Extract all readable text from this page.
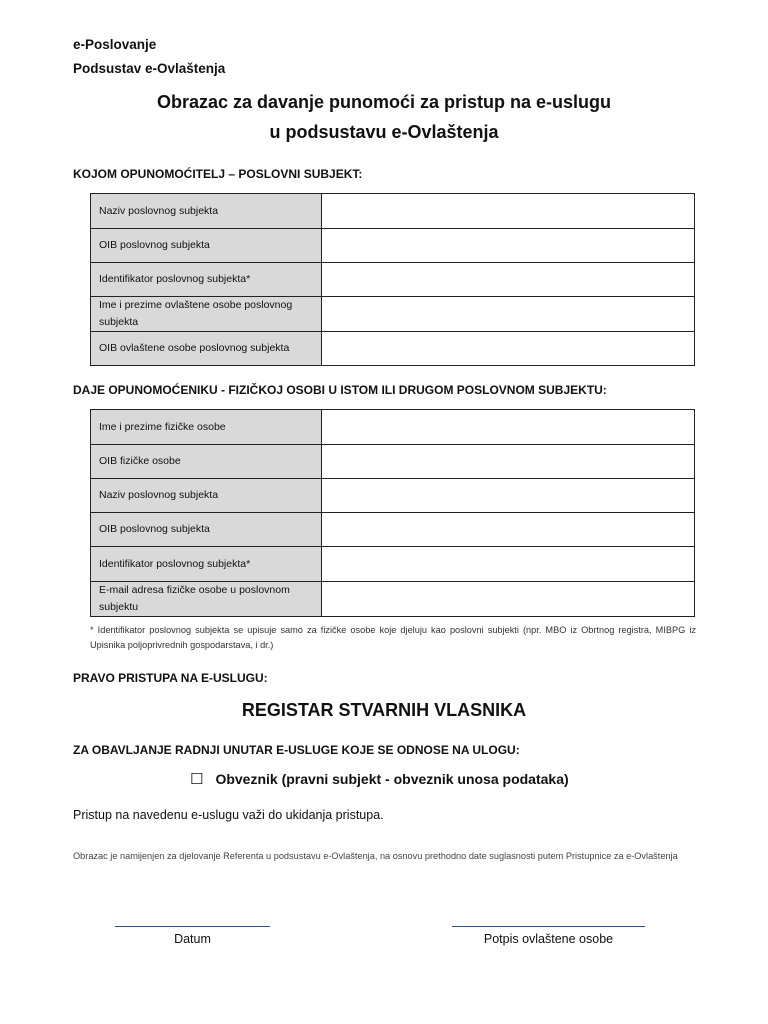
e-Poslovanje
Podsustav e-Ovlaštenja
Obrazac za davanje punomoći za pristup na e-uslugu
u podsustavu e-Ovlaštenja
KOJOM OPUNOMOĆITELJ – POSLOVNI SUBJEKT:
Naziv poslovnog subjekta	
OIB poslovnog subjekta	
Identifikator poslovnog subjekta*	
Ime i prezime ovlaštene osobe poslovnog subjekta	
OIB ovlaštene osobe poslovnog subjekta	
DAJE OPUNOMOĆENIKU - FIZIČKOJ OSOBI U ISTOM ILI DRUGOM POSLOVNOM SUBJEKTU:
Ime i prezime fizičke osobe	
OIB fizičke osobe	
Naziv poslovnog subjekta	
OIB poslovnog subjekta	
Identifikator poslovnog subjekta*	
E-mail adresa fizičke osobe u poslovnom subjektu	
* Identifikator poslovnog subjekta se upisuje samo za fizičke osobe koje djeluju kao poslovni subjekti (npr. MBO iz Obrtnog registra, MIBPG iz Upisnika poljoprivrednih gospodarstava, i dr.)
PRAVO PRISTUPA NA E-USLUGU:
REGISTAR STVARNIH VLASNIKA
ZA OBAVLJANJE RADNJI UNUTAR E-USLUGE KOJE SE ODNOSE NA ULOGU:
☐ Obveznik (pravni subjekt - obveznik unosa podataka)
Pristup na navedenu e-uslugu važi do ukidanja pristupa.
Obrazac je namijenjen za djelovanje Referenta u podsustavu e-Ovlaštenja, na osnovu prethodno date suglasnosti putem Pristupnice za e-Ovlaštenja
Datum	Potpis ovlaštene osobe
